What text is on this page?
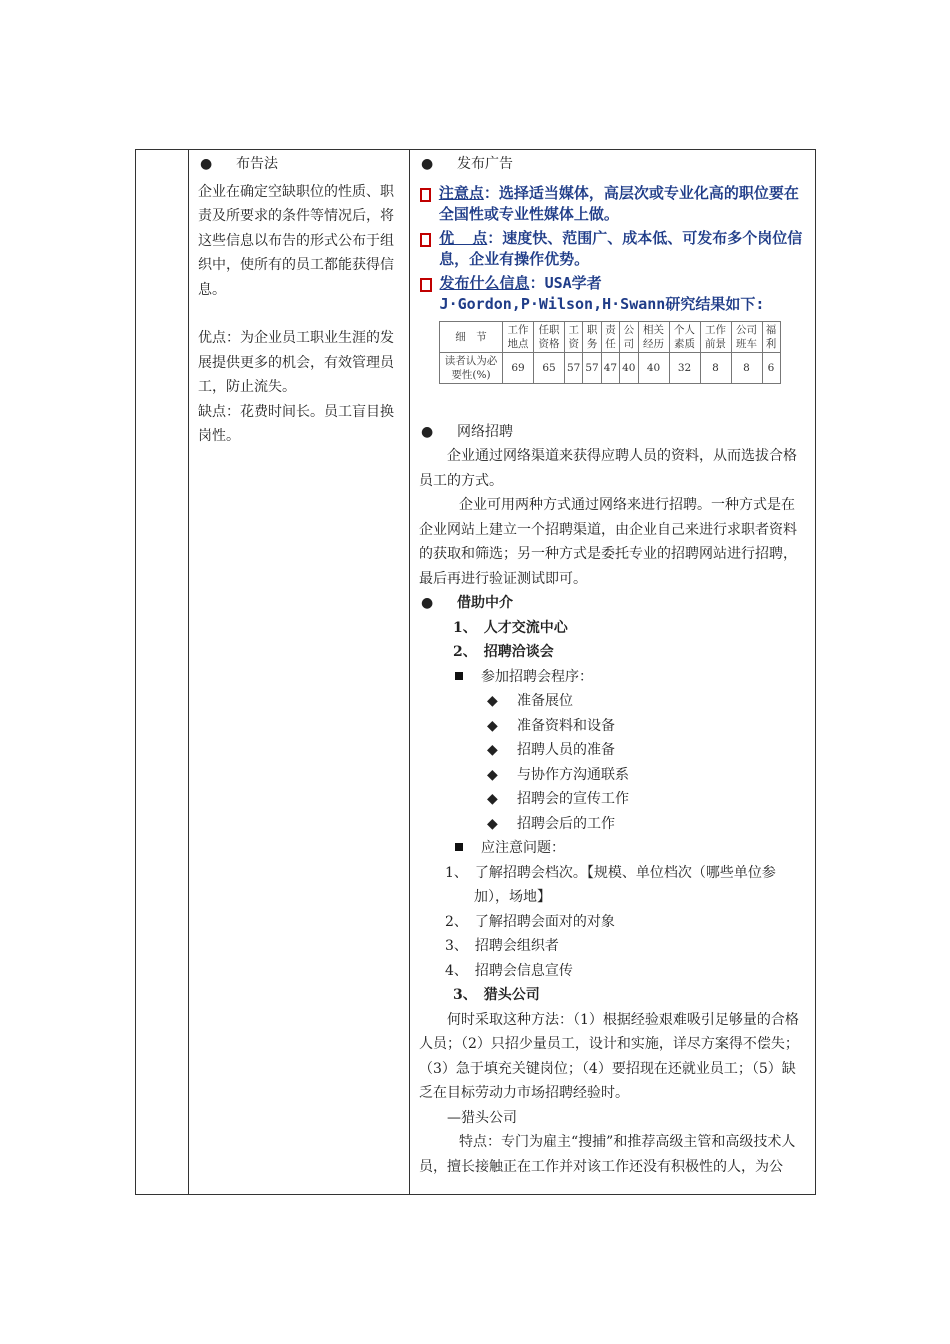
● 布告法

企业在确定空缺职位的性质、职责及所要求的条件等情况后，将这些信息以布告的形式公布于组织中，使所有的员工都能获得信息。

优点：为企业员工职业生涯的发展提供更多的机会，有效管理员工，防止流失。

缺点：花费时间长。员工盲目换岗性。

● 发布广告

注意点：选择适当媒体，高层次或专业化高的职位要在全国性或专业性媒体上做。
优  点：速度快、范围广、成本低、可发布多个岗位信息，企业有操作优势。
发布什么信息：USA学者J·Gordon,P·Wilson,H·Swann研究结果如下:
细　节	工作地点	任职资格	工资	职务	责任	公司	相关经历	个人素质	工作前景	公司班车	福利
读者认为必要性(%)	69	65	57	57	47	40	40	32	8	8	6

● 网络招聘

企业通过网络渠道来获得应聘人员的资料，从而选拔合格员工的方式。

企业可用两种方式通过网络来进行招聘。一种方式是在企业网站上建立一个招聘渠道，由企业自己来进行求职者资料的获取和筛选；另一种方式是委托专业的招聘网站进行招聘，最后再进行验证测试即可。

● 借助中介

1、　人才交流中心

2、　招聘洽谈会

参加招聘会程序：

◆ 准备展位

◆ 准备资料和设备

◆ 招聘人员的准备

◆ 与协作方沟通联系

◆ 招聘会的宣传工作

◆ 招聘会后的工作

应注意问题：

1、　了解招聘会档次。【规模、单位档次（哪些单位参加），场地】

2、　了解招聘会面对的对象

3、　招聘会组织者

4、　招聘会信息宣传

3、　猎头公司

何时采取这种方法：（1）根据经验艰难吸引足够量的合格人员；（2）只招少量员工，设计和实施，详尽方案得不偿失；（3）急于填充关键岗位；（4）要招现在还就业员工；（5）缺乏在目标劳动力市场招聘经验时。

—猎头公司

特点：专门为雇主“搜捕”和推荐高级主管和高级技术人员，擅长接触正在工作并对该工作还没有积极性的人，为公
